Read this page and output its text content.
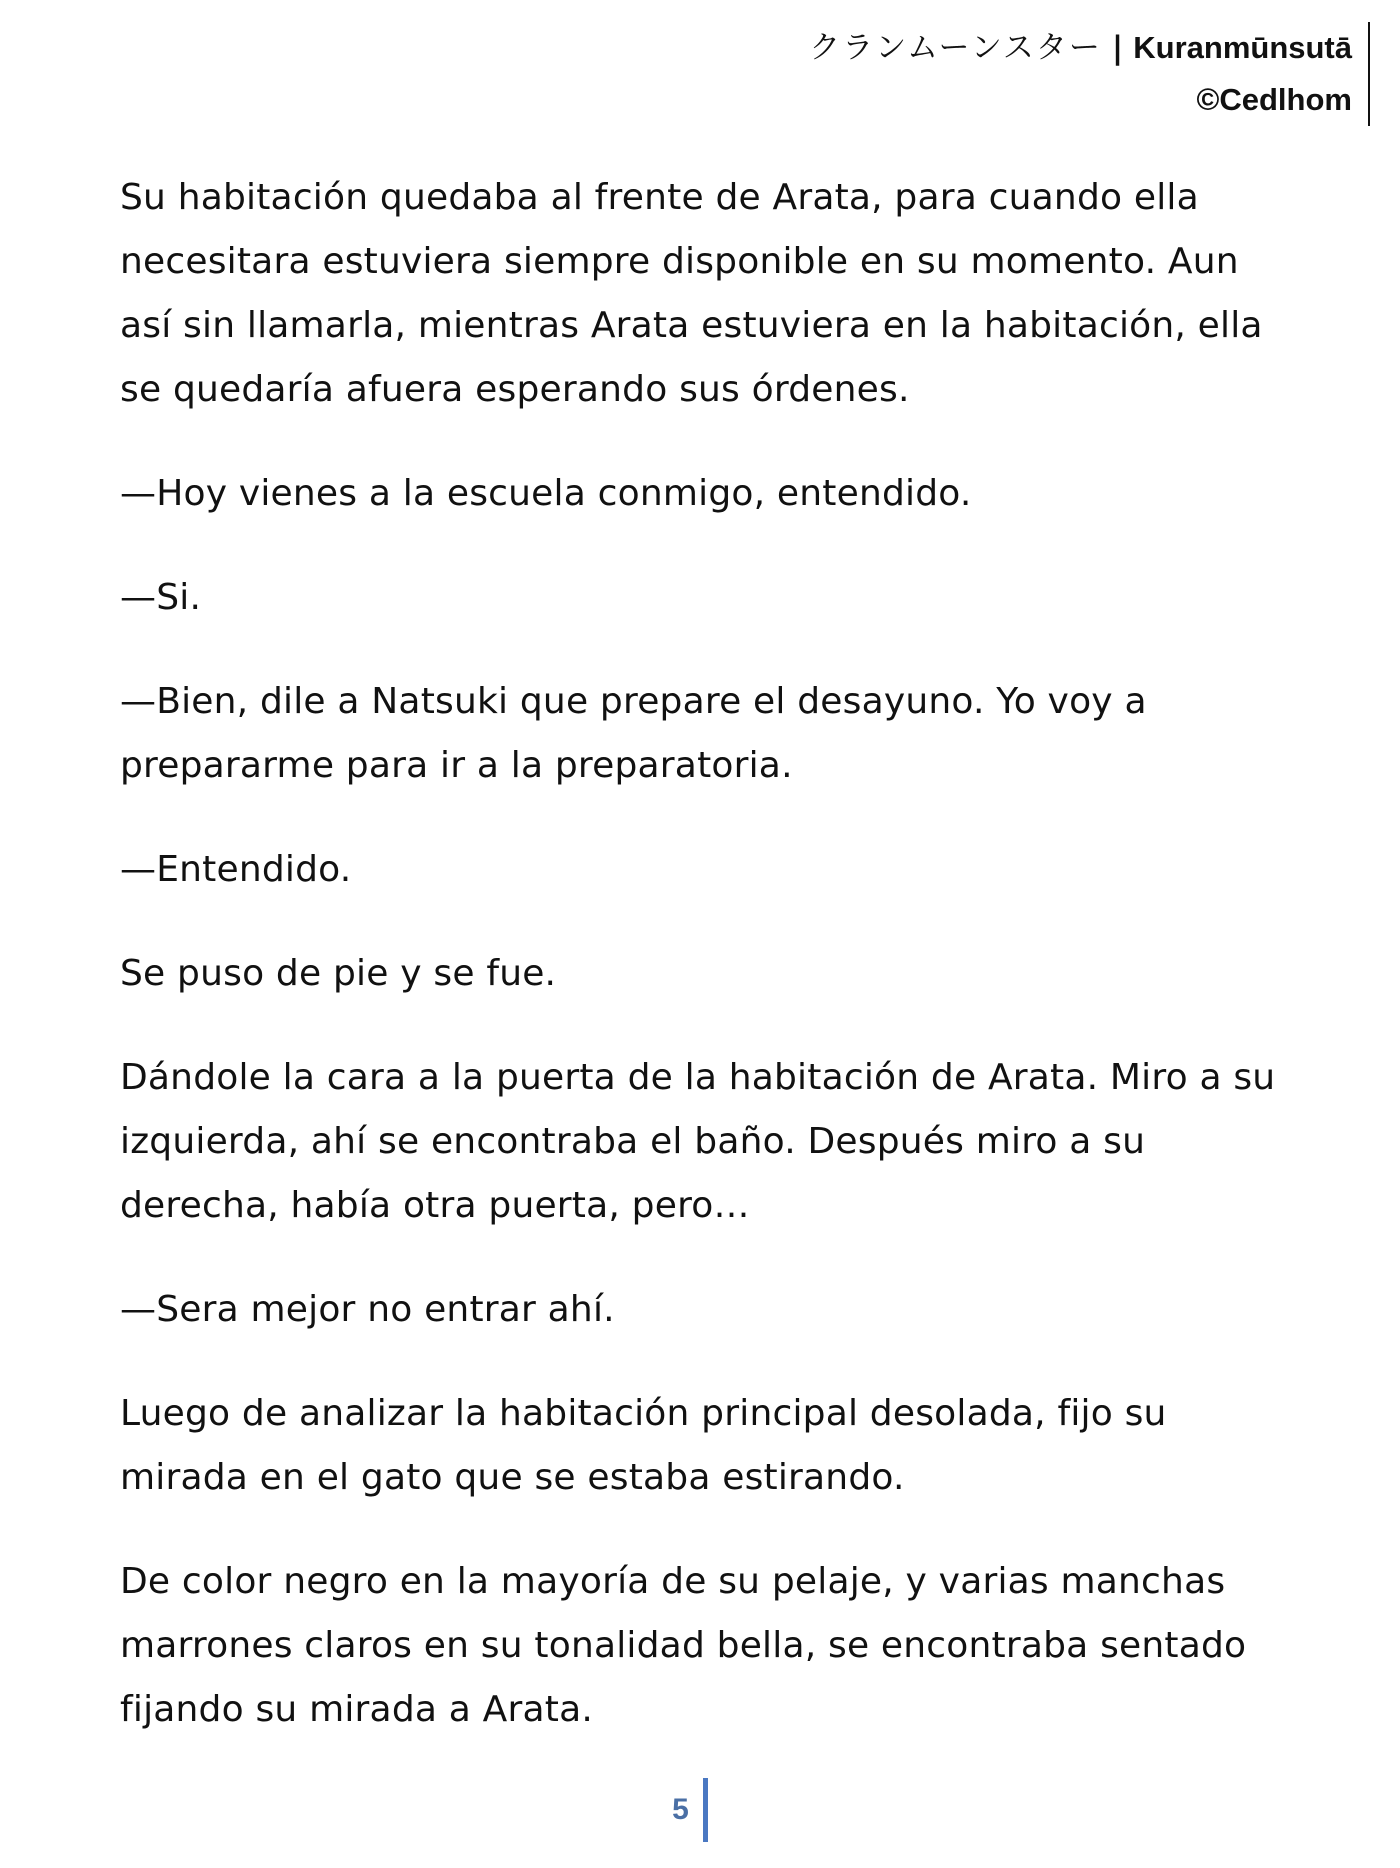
クランムーンスター | Kuranmūnsutā
©Cedlhom

Su habitación quedaba al frente de Arata, para cuando ella necesitara estuviera siempre disponible en su momento. Aun así sin llamarla, mientras Arata estuviera en la habitación, ella se quedaría afuera esperando sus órdenes.

—Hoy vienes a la escuela conmigo, entendido.

—Si.

—Bien, dile a Natsuki que prepare el desayuno. Yo voy a prepararme para ir a la preparatoria.

—Entendido.

Se puso de pie y se fue.

Dándole la cara a la puerta de la habitación de Arata. Miro a su izquierda, ahí se encontraba el baño. Después miro a su derecha, había otra puerta, pero…

—Sera mejor no entrar ahí.

Luego de analizar la habitación principal desolada, fijo su mirada en el gato que se estaba estirando.

De color negro en la mayoría de su pelaje, y varias manchas marrones claros en su tonalidad bella, se encontraba sentado fijando su mirada a Arata.

5
